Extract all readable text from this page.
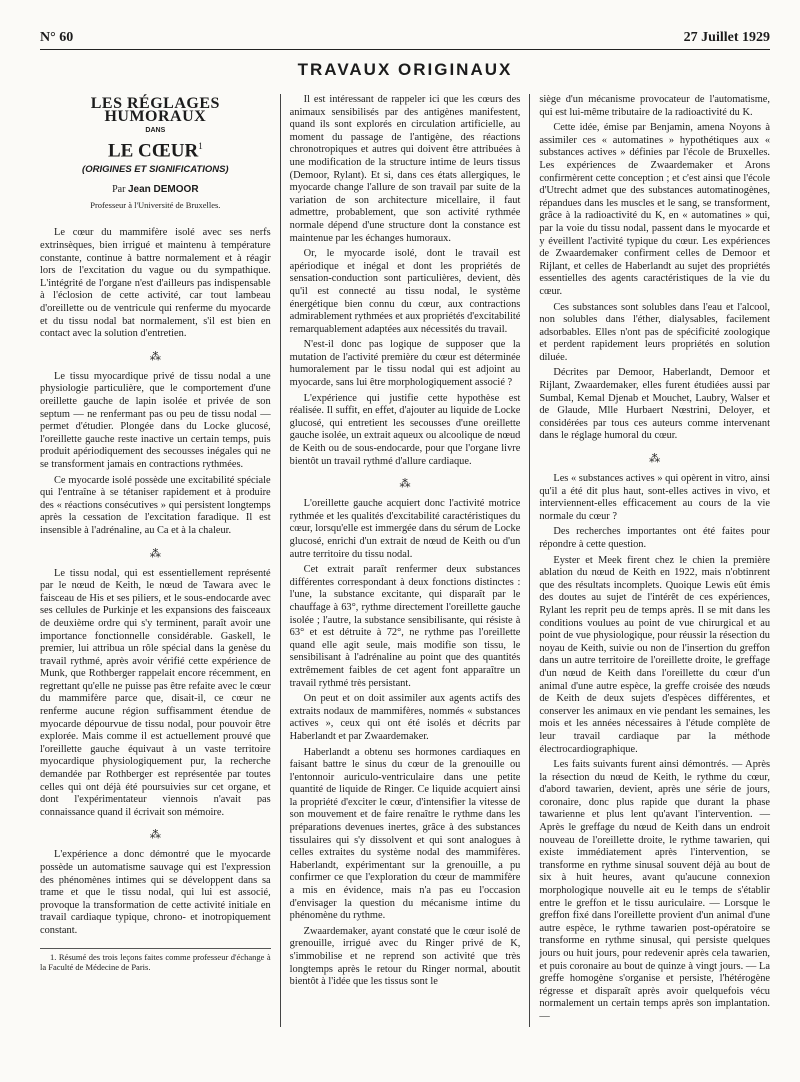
N° 60	27 Juillet 1929
TRAVAUX ORIGINAUX
LES RÉGLAGES HUMORAUX
DANS
LE CŒUR$^1$
(ORIGINES ET SIGNIFICATIONS)
Par Jean DEMOOR
Professeur à l'Université de Bruxelles.

Le cœur du mammifère isolé avec ses nerfs extrinsèques, bien irrigué et maintenu à température constante, continue à battre normalement et à réagir lors de l'excitation du vague ou du sympathique. L'intégrité de l'organe n'est d'ailleurs pas indispensable à l'éclosion de cette activité, car tout lambeau d'oreillette ou de ventricule qui renferme du myocarde et du tissu nodal bat normalement, s'il est bien en contact avec la solution d'entretien.

⁂

Le tissu myocardique privé de tissu nodal a une physiologie particulière, que le comportement d'une oreillette gauche de lapin isolée et privée de son septum — ne renfermant pas ou peu de tissu nodal — permet d'étudier. Plongée dans du Locke glucosé, l'oreillette gauche reste inactive un certain temps, puis produit apériodiquement des secousses inégales qui ne se transforment jamais en contractions rythmées.

Ce myocarde isolé possède une excitabilité spéciale qui l'entraîne à se tétaniser rapidement et à produire des « réactions consécutives » qui persistent longtemps après la cessation de l'excitation faradique. Il est insensible à l'adrénaline, au Ca et à la chaleur.

⁂

Le tissu nodal, qui est essentiellement représenté par le nœud de Keith, le nœud de Tawara avec le faisceau de His et ses piliers, et le sous-endocarde avec ses cellules de Purkinje et les expansions des faisceaux de deuxième ordre qui s'y terminent, paraît avoir une importance fonctionnelle considérable. Gaskell, le premier, lui attribua un rôle spécial dans la genèse du travail rythmé, après avoir vérifié cette expérience de Munk, que Rothberger rappelait encore récemment, en regrettant qu'elle ne puisse pas être refaite avec le cœur du mammifère parce que, disait-il, ce cœur ne renferme aucune région suffisamment étendue de myocarde dépourvue de tissu nodal, pour pouvoir être explorée. Mais comme il est actuellement prouvé que l'oreillette gauche équivaut à un vaste territoire myocardique physiologiquement pur, la recherche demandée par Rothberger est représentée par toutes celles qui ont déjà été poursuivies sur cet organe, et dont l'expérimentateur viennois n'avait pas connaissance quand il écrivait son mémoire.

⁂

L'expérience a donc démontré que le myocarde possède un automatisme sauvage qui est l'expression des phénomènes intimes qui se développent dans sa trame et que le tissu nodal, qui lui est associé, provoque la transformation de cette activité initiale en travail cardiaque typique, chrono- et inotropiquement constant.

1. Résumé des trois leçons faites comme professeur d'échange à la Faculté de Médecine de Paris.

Il est intéressant de rappeler ici que les cœurs des animaux sensibilisés par des antigènes manifestent, quand ils sont explorés en circulation artificielle, au moment du passage de l'antigène, des réactions chronotropiques et autres qui doivent être attribuées à une modification de la structure intime de leurs tissus (Demoor, Rylant). Et si, dans ces états allergiques, le myocarde change l'allure de son travail par suite de la variation de son architecture micellaire, il faut admettre, probablement, que son activité rythmée normale dépend d'une structure dont la constance est maintenue par les échanges humoraux.

Or, le myocarde isolé, dont le travail est apériodique et inégal et dont les propriétés de sensation-conduction sont particulières, devient, dès qu'il est connecté au tissu nodal, le système énergétique bien connu du cœur, aux contractions admirablement rythmées et aux propriétés d'excitabilité remarquablement adaptées aux nécessités du travail.

N'est-il donc pas logique de supposer que la mutation de l'activité première du cœur est déterminée humoralement par le tissu nodal qui est adjoint au myocarde, sans lui être morphologiquement associé ?

L'expérience qui justifie cette hypothèse est réalisée. Il suffit, en effet, d'ajouter au liquide de Locke glucosé, qui entretient les secousses d'une oreillette gauche isolée, un extrait aqueux ou alcoolique de nœud de Keith ou de sous-endocarde, pour que l'organe livre bientôt un travail rythmé d'allure cardiaque.

⁂

L'oreillette gauche acquiert donc l'activité motrice rythmée et les qualités d'excitabilité caractéristiques du cœur, lorsqu'elle est immergée dans du sérum de Locke glucosé, enrichi d'un extrait de nœud de Keith ou d'un autre territoire du tissu nodal.

Cet extrait paraît renfermer deux substances différentes correspondant à deux fonctions distinctes : l'une, la substance excitante, qui disparaît par le chauffage à 63°, rythme directement l'oreillette gauche isolée ; l'autre, la substance sensibilisante, qui résiste à 63° et est détruite à 72°, ne rythme pas l'oreillette quand elle agit seule, mais modifie son tissu, le sensibilisant à l'adrénaline au point que des quantités extrêmement faibles de cet agent font apparaître un travail rythmé très persistant.

On peut et on doit assimiler aux agents actifs des extraits nodaux de mammifères, nommés « substances actives », ceux qui ont été isolés et décrits par Haberlandt et par Zwaardemaker.

Haberlandt a obtenu ses hormones cardiaques en faisant battre le sinus du cœur de la grenouille ou l'entonnoir auriculo-ventriculaire dans une petite quantité de liquide de Ringer. Ce liquide acquiert ainsi la propriété d'exciter le cœur, d'intensifier la vitesse de son mouvement et de faire renaître le rythme dans les préparations devenues inertes, grâce à des substances tissulaires qui s'y dissolvent et qui sont analogues à celles extraites du système nodal des mammifères. Haberlandt, expérimentant sur la grenouille, a pu confirmer ce que l'exploration du cœur de mammifère a mis en évidence, mais n'a pas eu l'occasion d'envisager la question du mécanisme intime du phénomène du rythme.

Zwaardemaker, ayant constaté que le cœur isolé de grenouille, irrigué avec du Ringer privé de K, s'immobilise et ne reprend son activité que très longtemps après le retour du Ringer normal, aboutit bientôt à l'idée que les tissus sont le

siège d'un mécanisme provocateur de l'automatisme, qui est lui-même tributaire de la radioactivité du K.

Cette idée, émise par Benjamin, amena Noyons à assimiler ces « automatines » hypothétiques aux « substances actives » définies par l'école de Bruxelles. Les expériences de Zwaardemaker et Arons confirmèrent cette conception ; et c'est ainsi que l'école d'Utrecht admet que des substances automatinogènes, répandues dans les muscles et le sang, se transforment, grâce à la radioactivité du K, en « automatines » qui, par la voie du tissu nodal, passent dans le myocarde et y éveillent l'activité typique du cœur. Les expériences de Zwaardemaker confirment celles de Demoor et Rijlant, et celles de Haberlandt au sujet des propriétés essentielles des agents caractéristiques de la vie du cœur.

Ces substances sont solubles dans l'eau et l'alcool, non solubles dans l'éther, dialysables, facilement adsorbables. Elles n'ont pas de spécificité zoologique et perdent rapidement leurs propriétés en solution diluée.

Décrites par Demoor, Haberlandt, Demoor et Rijlant, Zwaardemaker, elles furent étudiées aussi par Sumbal, Kemal Djenab et Mouchet, Laubry, Walser et de Glaude, Mlle Hurbaert Nœstrini, Deloyer, et considérées par tous ces auteurs comme intervenant dans le réglage humoral du cœur.

⁂

Les « substances actives » qui opèrent in vitro, ainsi qu'il a été dit plus haut, sont-elles actives in vivo, et interviennent-elles efficacement au cours de la vie normale du cœur ?

Des recherches importantes ont été faites pour répondre à cette question.

Eyster et Meek firent chez le chien la première ablation du nœud de Keith en 1922, mais n'obtinrent que des résultats incomplets. Quoique Lewis eût émis des doutes au sujet de l'intérêt de ces expériences, Rylant les reprit peu de temps après. Il se mit dans les conditions voulues au point de vue chirurgical et au point de vue physiologique, pour réussir la résection du noyau de Keith, suivie ou non de l'insertion du greffon dans un autre territoire de l'oreillette droite, le greffage d'un nœud de Keith dans l'oreillette du cœur d'un animal d'une autre espèce, la greffe croisée des nœuds de Keith de deux sujets d'espèces différentes, et conserver les animaux en vie pendant les semaines, les mois et les années nécessaires à l'étude complète de leur travail cardiaque par la méthode électrocardiographique.

Les faits suivants furent ainsi démontrés. — Après la résection du nœud de Keith, le rythme du cœur, d'abord tawarien, devient, après une série de jours, coronaire, donc plus rapide que durant la phase tawarienne et plus lent qu'avant l'intervention. — Après le greffage du nœud de Keith dans un endroit nouveau de l'oreillette droite, le rythme tawarien, qui existe immédiatement après l'intervention, se transforme en rythme sinusal souvent déjà au bout de six à huit heures, avant qu'aucune connexion morphologique nouvelle ait eu le temps de s'établir entre le greffon et le tissu auriculaire. — Lorsque le greffon fixé dans l'oreillette provient d'un animal d'une autre espèce, le rythme tawarien post-opératoire se transforme en rythme sinusal, qui persiste quelques jours ou huit jours, pour redevenir après cela tawarien, et puis coronaire au bout de quinze à vingt jours. — La greffe homogène s'organise et persiste, l'hétérogène régresse et disparaît après avoir quelquefois vécu normalement un certain temps après son implantation. —
